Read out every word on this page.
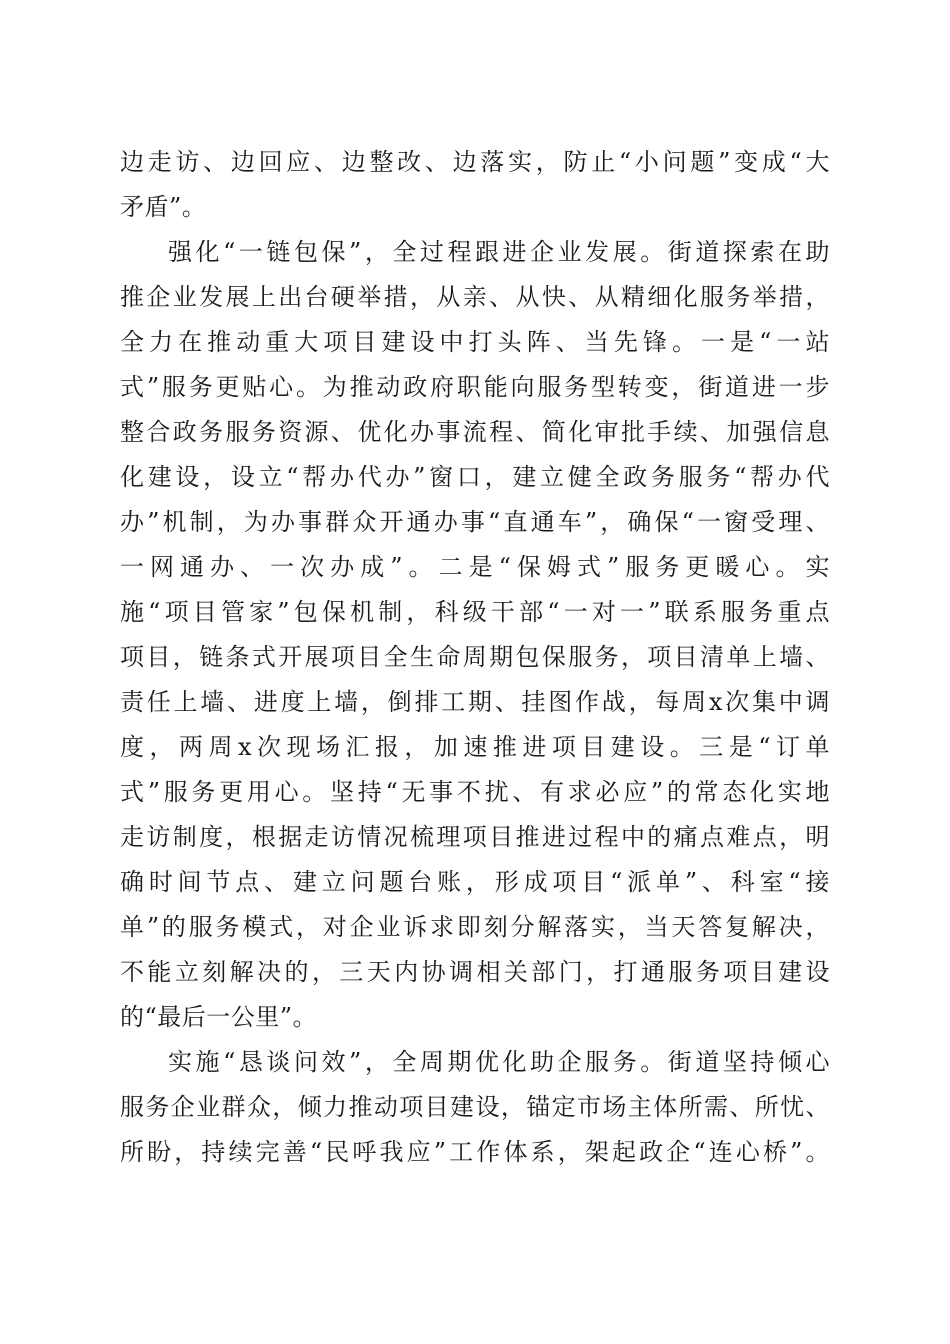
边走访、边回应、边整改、边落实，防止“小问题”变成“大
矛盾”。
强化“一链包保”，全过程跟进企业发展。街道探索在助
推企业发展上出台硬举措，从亲、从快、从精细化服务举措，
全力在推动重大项目建设中打头阵、当先锋。一是“一站
式”服务更贴心。为推动政府职能向服务型转变，街道进一步
整合政务服务资源、优化办事流程、简化审批手续、加强信息
化建设，设立“帮办代办”窗口，建立健全政务服务“帮办代
办”机制，为办事群众开通办事“直通车”，确保“一窗受理、
一网通办、一次办成”。二是“保姆式”服务更暖心。实
施“项目管家”包保机制，科级干部“一对一”联系服务重点
项目，链条式开展项目全生命周期包保服务，项目清单上墙、
责任上墙、进度上墙，倒排工期、挂图作战，每周x次集中调
度，两周x次现场汇报，加速推进项目建设。三是“订单
式”服务更用心。坚持“无事不扰、有求必应”的常态化实地
走访制度，根据走访情况梳理项目推进过程中的痛点难点，明
确时间节点、建立问题台账，形成项目“派单”、科室“接
单”的服务模式，对企业诉求即刻分解落实，当天答复解决，
不能立刻解决的，三天内协调相关部门，打通服务项目建设
的“最后一公里”。
实施“恳谈问效”，全周期优化助企服务。街道坚持倾心
服务企业群众，倾力推动项目建设，锚定市场主体所需、所忧、
所盼，持续完善“民呼我应”工作体系，架起政企“连心桥”。
